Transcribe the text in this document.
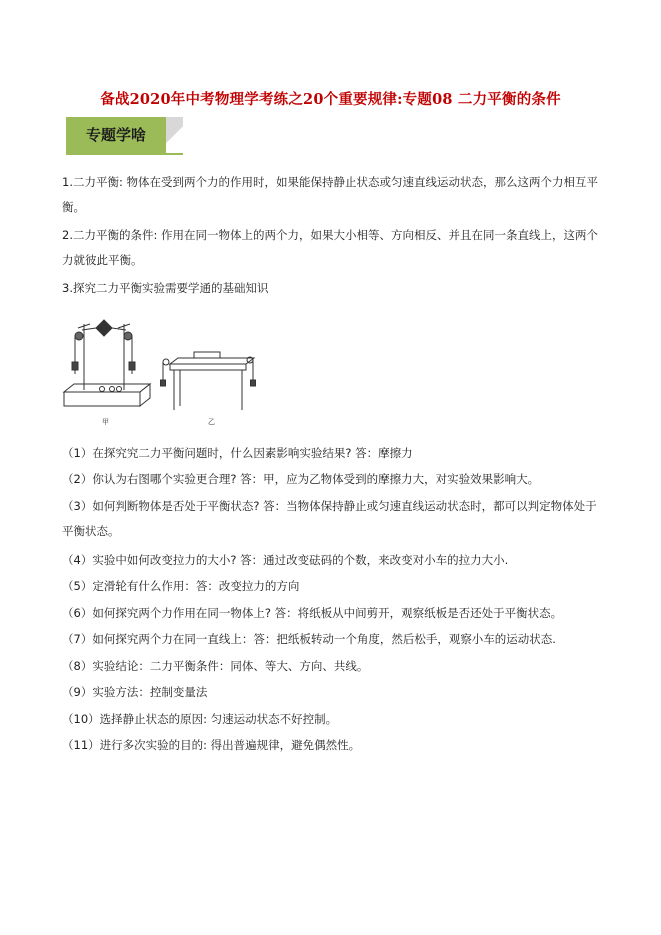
备战2020年中考物理学考练之20个重要规律:专题08 二力平衡的条件
专题学啥
1.二力平衡: 物体在受到两个力的作用时，如果能保持静止状态或匀速直线运动状态，那么这两个力相互平
衡。
2.二力平衡的条件: 作用在同一物体上的两个力，如果大小相等、方向相反、并且在同一条直线上，这两个
力就彼此平衡。
3.探究二力平衡实验需要学通的基础知识
甲	乙
（1）在探究究二力平衡问题时，什么因素影响实验结果? 答：摩擦力
（2）你认为右图哪个实验更合理? 答：甲，应为乙物体受到的摩擦力大，对实验效果影响大。
（3）如何判断物体是否处于平衡状态? 答：当物体保持静止或匀速直线运动状态时，都可以判定物体处于
平衡状态。
（4）实验中如何改变拉力的大小? 答：通过改变砝码的个数，来改变对小车的拉力大小.
（5）定滑轮有什么作用：答：改变拉力的方向
（6）如何探究两个力作用在同一物体上? 答：将纸板从中间剪开，观察纸板是否还处于平衡状态。
（7）如何探究两个力在同一直线上：答：把纸板转动一个角度，然后松手，观察小车的运动状态.
（8）实验结论：二力平衡条件：同体、等大、方向、共线。
（9）实验方法：控制变量法
（10）选择静止状态的原因: 匀速运动状态不好控制。
（11）进行多次实验的目的: 得出普遍规律，避免偶然性。
